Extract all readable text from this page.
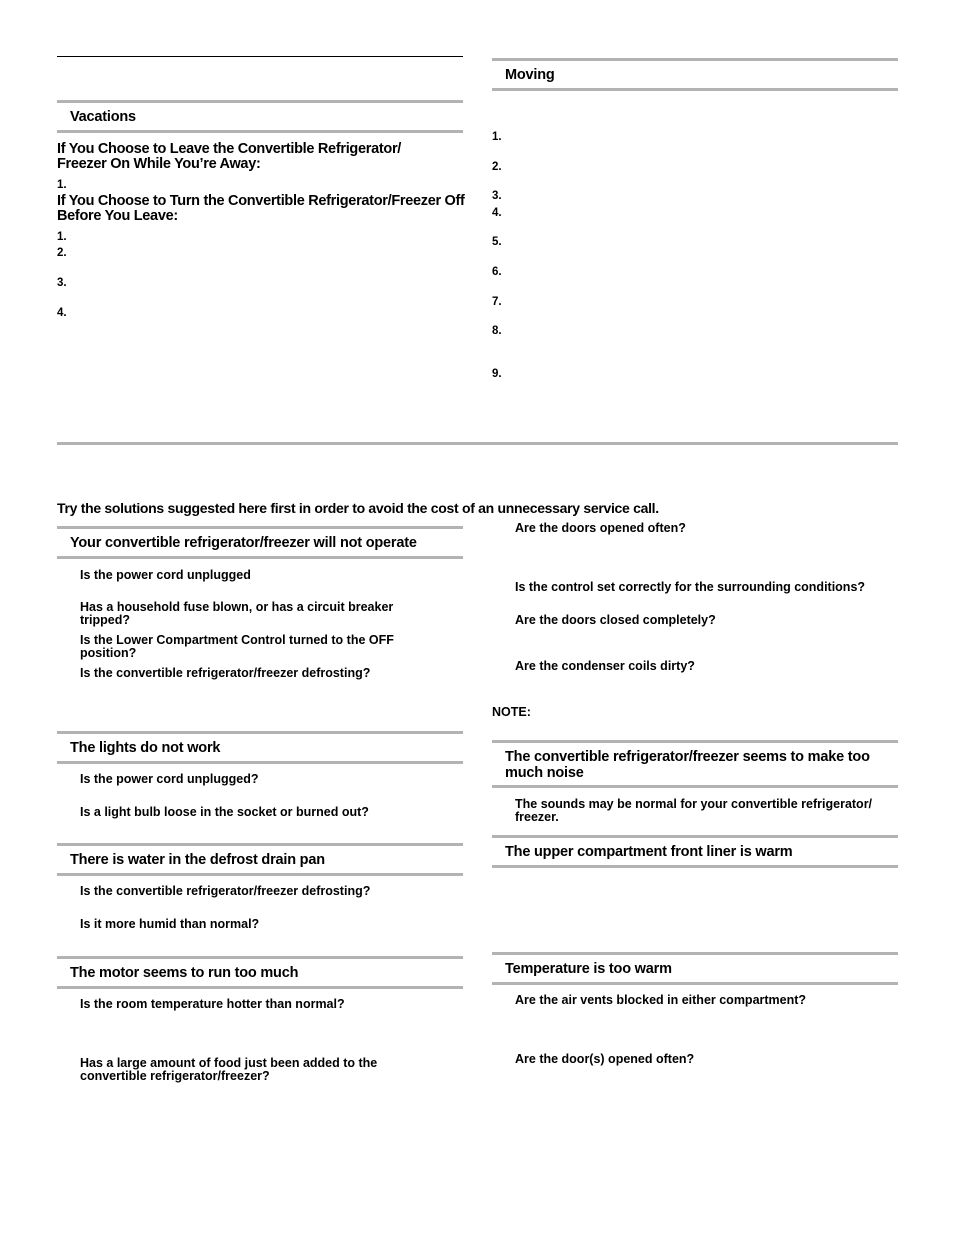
Vacations
If You Choose to Leave the Convertible Refrigerator/ Freezer On While You’re Away:
1.
If You Choose to Turn the Convertible Refrigerator/Freezer Off Before You Leave:
1.
2.
3.
4.
Moving
1.
2.
3.
4.
5.
6.
7.
8.
9.
Try the solutions suggested here first in order to avoid the cost of an unnecessary service call.
Your convertible refrigerator/freezer will not operate
Is the power cord unplugged
Has a household fuse blown, or has a circuit breaker tripped?
Is the Lower Compartment Control turned to the OFF position?
Is the convertible refrigerator/freezer defrosting?
The lights do not work
Is the power cord unplugged?
Is a light bulb loose in the socket or burned out?
There is water in the defrost drain pan
Is the convertible refrigerator/freezer defrosting?
Is it more humid than normal?
The motor seems to run too much
Is the room temperature hotter than normal?
Has a large amount of food just been added to the convertible refrigerator/freezer?
Are the doors opened often?
Is the control set correctly for the surrounding conditions?
Are the doors closed completely?
Are the condenser coils dirty?
NOTE:
The convertible refrigerator/freezer seems to make too much noise
The sounds may be normal for your convertible refrigerator/ freezer.
The upper compartment front liner is warm
Temperature is too warm
Are the air vents blocked in either compartment?
Are the door(s) opened often?
